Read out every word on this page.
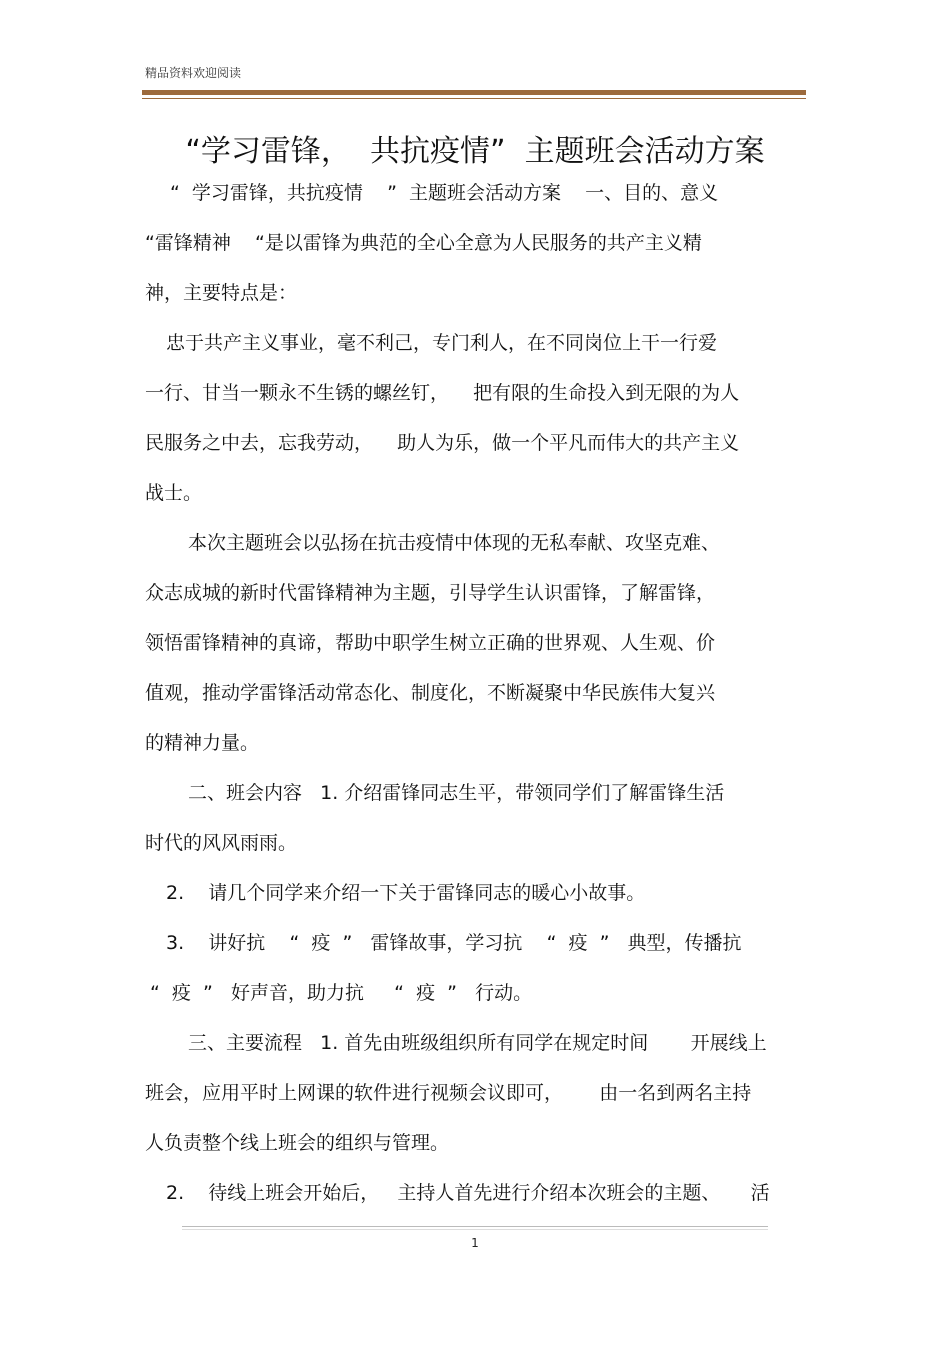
精品资料欢迎阅读
“学习雷锋，  共抗疫情”  主题班会活动方案
“  学习雷锋，共抗疫情    ”  主题班会活动方案    一、目的、意义
“雷锋精神    “是以雷锋为典范的全心全意为人民服务的共产主义精
神，主要特点是：
忠于共产主义事业，毫不利己，专门利人，在不同岗位上干一行爱
一行、甘当一颗永不生锈的螺丝钉，    把有限的生命投入到无限的为人
民服务之中去，忘我劳动，    助人为乐，做一个平凡而伟大的共产主义
战士。
本次主题班会以弘扬在抗击疫情中体现的无私奉献、攻坚克难、
众志成城的新时代雷锋精神为主题，引导学生认识雷锋，了解雷锋，
领悟雷锋精神的真谛，帮助中职学生树立正确的世界观、人生观、价
值观，推动学雷锋活动常态化、制度化，不断凝聚中华民族伟大复兴
的精神力量。
二、班会内容   1. 介绍雷锋同志生平，带领同学们了解雷锋生活
时代的风风雨雨。
2.    请几个同学来介绍一下关于雷锋同志的暖心小故事。
3.    讲好抗    “  疫  ”   雷锋故事，学习抗    “  疫  ”   典型，传播抗
“  疫  ”   好声音，助力抗     “  疫  ”   行动。
三、主要流程   1. 首先由班级组织所有同学在规定时间       开展线上
班会，应用平时上网课的软件进行视频会议即可，      由一名到两名主持
人负责整个线上班会的组织与管理。
2.    待线上班会开始后，   主持人首先进行介绍本次班会的主题、     活
1
